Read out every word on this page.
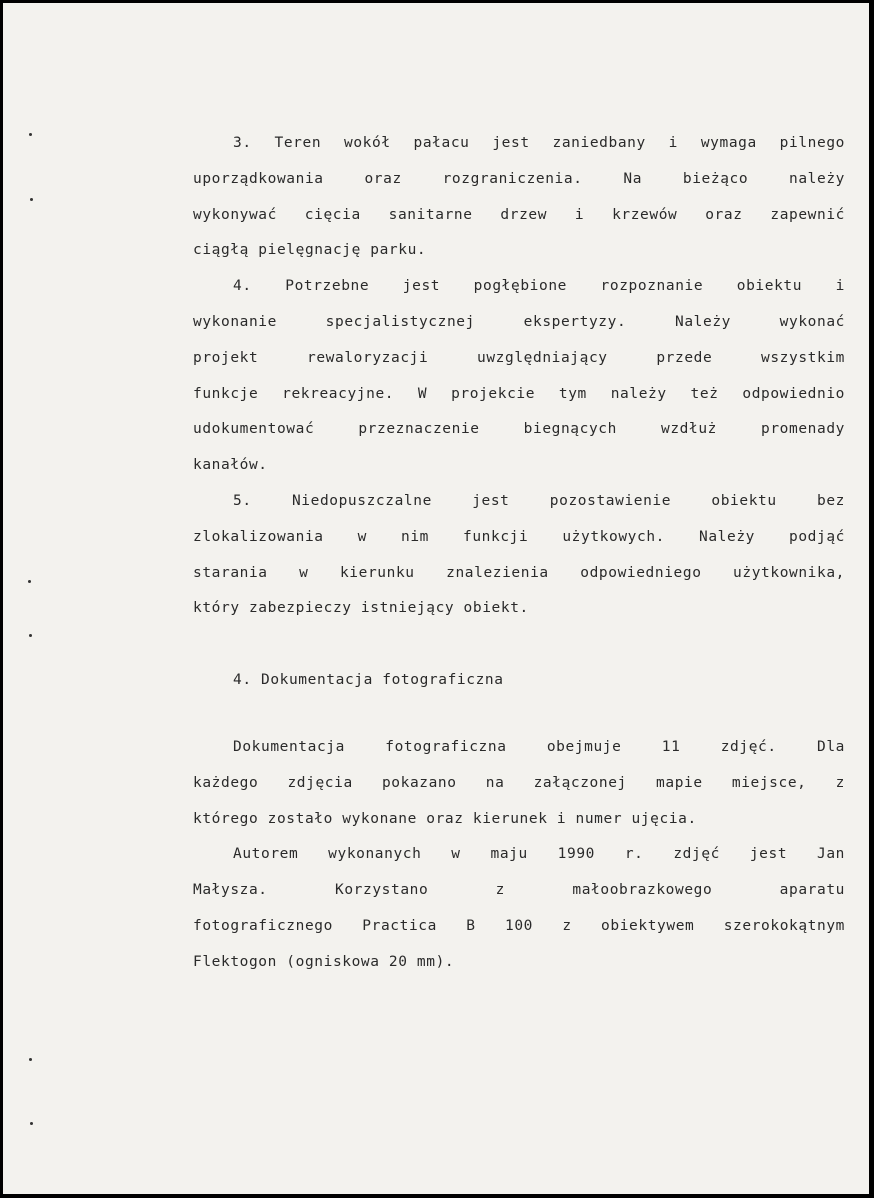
3. Teren wokół pałacu jest zaniedbany i wymaga pilnego
uporządkowania oraz rozgraniczenia. Na bieżąco należy
wykonywać cięcia sanitarne drzew i krzewów oraz zapewnić
ciągłą pielęgnację parku.
4. Potrzebne jest pogłębione rozpoznanie obiektu i
wykonanie specjalistycznej ekspertyzy. Należy wykonać
projekt rewaloryzacji uwzględniający przede wszystkim
funkcje rekreacyjne. W projekcie tym należy też odpowiednio
udokumentować przeznaczenie biegnących wzdłuż promenady
kanałów.
5. Niedopuszczalne jest pozostawienie obiektu bez
zlokalizowania w nim funkcji użytkowych. Należy podjąć
starania w kierunku znalezienia odpowiedniego użytkownika,
który zabezpieczy istniejący obiekt.
4. Dokumentacja fotograficzna
Dokumentacja fotograficzna obejmuje 11 zdjęć. Dla
każdego zdjęcia pokazano na załączonej mapie miejsce, z
którego zostało wykonane oraz kierunek i numer ujęcia.
Autorem wykonanych w maju 1990 r. zdjęć jest Jan
Małysza. Korzystano z małoobrazkowego aparatu
fotograficznego Practica B 100 z obiektywem szerokokątnym
Flektogon (ogniskowa 20 mm).
